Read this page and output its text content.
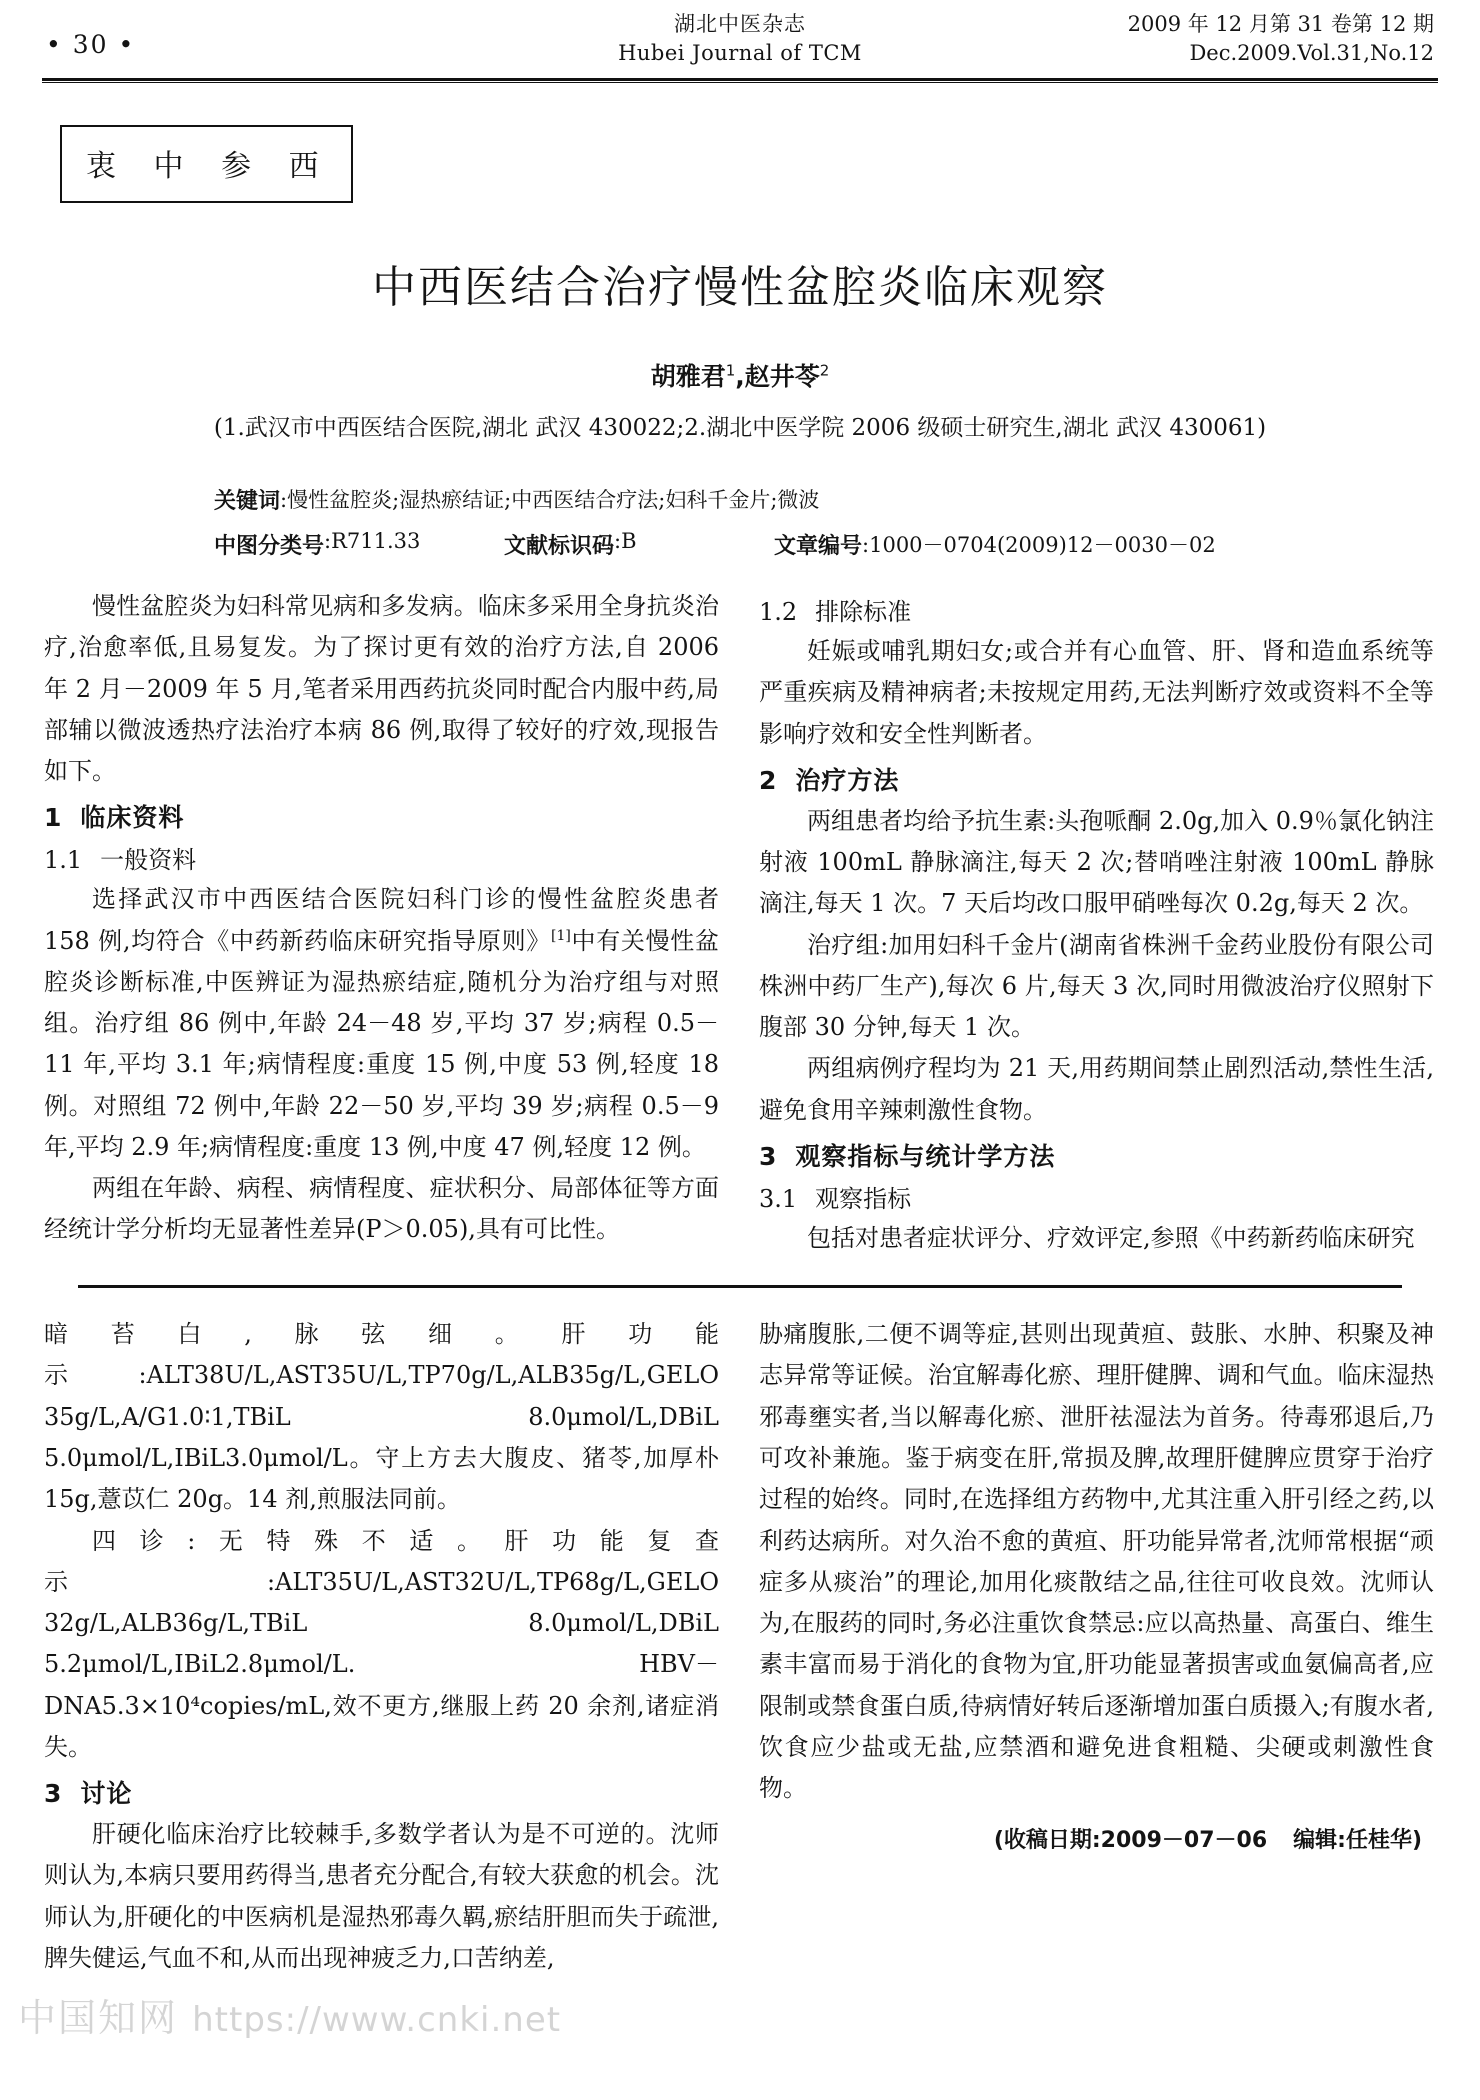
• 30 •
湖北中医杂志
Hubei Journal of TCM
2009 年 12 月第 31 卷第 12 期
Dec.2009.Vol.31,No.12
衷 中 参 西
中西医结合治疗慢性盆腔炎临床观察
胡雅君$^1$,赵井苓$^2$
(1.武汉市中西医结合医院,湖北 武汉 430022;2.湖北中医学院 2006 级硕士研究生,湖北 武汉 430061)
关键词 :慢性盆腔炎;湿热瘀结证;中西医结合疗法;妇科千金片;微波
中图分类号 :R711.33	文献标识码 :B	文章编号 :1000－0704(2009)12－0030－02

慢性盆腔炎为妇科常见病和多发病。临床多采用全身抗炎治疗,治愈率低,且易复发。为了探讨更有效的治疗方法,自 2006 年 2 月－2009 年 5 月,笔者采用西药抗炎同时配合内服中药,局部辅以微波透热疗法治疗本病 86 例,取得了较好的疗效,现报告如下。

1 临床资料
1.1 一般资料

选择武汉市中西医结合医院妇科门诊的慢性盆腔炎患者 158 例,均符合《中药新药临床研究指导原则》[1]中有关慢性盆腔炎诊断标准,中医辨证为湿热瘀结症,随机分为治疗组与对照组。治疗组 86 例中,年龄 24－48 岁,平均 37 岁;病程 0.5－11 年,平均 3.1 年;病情程度:重度 15 例,中度 53 例,轻度 18 例。对照组 72 例中,年龄 22－50 岁,平均 39 岁;病程 0.5－9 年,平均 2.9 年;病情程度:重度 13 例,中度 47 例,轻度 12 例。

两组在年龄、病程、病情程度、症状积分、局部体征等方面经统计学分析均无显著性差异(P＞0.05),具有可比性。

1.2 排除标准

妊娠或哺乳期妇女;或合并有心血管、肝、肾和造血系统等严重疾病及精神病者;未按规定用药,无法判断疗效或资料不全等影响疗效和安全性判断者。

2 治疗方法

两组患者均给予抗生素:头孢哌酮 2.0g,加入 0.9％氯化钠注射液 100mL 静脉滴注,每天 2 次;替哨唑注射液 100mL 静脉滴注,每天 1 次。7 天后均改口服甲硝唑每次 0.2g,每天 2 次。

治疗组:加用妇科千金片(湖南省株洲千金药业股份有限公司株洲中药厂生产),每次 6 片,每天 3 次,同时用微波治疗仪照射下腹部 30 分钟,每天 1 次。

两组病例疗程均为 21 天,用药期间禁止剧烈活动,禁性生活,避免食用辛辣刺激性食物。

3 观察指标与统计学方法
3.1 观察指标

包括对患者症状评分、疗效评定,参照《中药新药临床研究

暗苔白,脉弦细。肝功能示:ALT38U/L,AST35U/L,TP70g/L,ALB35g/L,GELO 35g/L,A/G1.0∶1,TBiL 8.0μmol/L,DBiL 5.0μmol/L,IBiL3.0μmol/L。守上方去大腹皮、猪苓,加厚朴 15g,薏苡仁 20g。14 剂,煎服法同前。

四诊:无特殊不适。肝功能复查示:ALT35U/L,AST32U/L,TP68g/L,GELO 32g/L,ALB36g/L,TBiL 8.0μmol/L,DBiL 5.2μmol/L,IBiL2.8μmol/L. HBV－DNA5.3×10⁴copies/mL,效不更方,继服上药 20 余剂,诸症消失。

3 讨论

肝硬化临床治疗比较棘手,多数学者认为是不可逆的。沈师则认为,本病只要用药得当,患者充分配合,有较大获愈的机会。沈师认为,肝硬化的中医病机是湿热邪毒久羁,瘀结肝胆而失于疏泄,脾失健运,气血不和,从而出现神疲乏力,口苦纳差,

胁痛腹胀,二便不调等症,甚则出现黄疸、鼓胀、水肿、积聚及神志异常等证候。治宜解毒化瘀、理肝健脾、调和气血。临床湿热邪毒壅实者,当以解毒化瘀、泄肝祛湿法为首务。待毒邪退后,乃可攻补兼施。鉴于病变在肝,常损及脾,故理肝健脾应贯穿于治疗过程的始终。同时,在选择组方药物中,尤其注重入肝引经之药,以利药达病所。对久治不愈的黄疸、肝功能异常者,沈师常根据“顽症多从痰治”的理论,加用化痰散结之品,往往可收良效。沈师认为,在服药的同时,务必注重饮食禁忌:应以高热量、高蛋白、维生素丰富而易于消化的食物为宜,肝功能显著损害或血氨偏高者,应限制或禁食蛋白质,待病情好转后逐渐增加蛋白质摄入;有腹水者,饮食应少盐或无盐,应禁酒和避免进食粗糙、尖硬或刺激性食物。

(收稿日期:2009－07－06 编辑:任桂华)
中国知网 https://www.cnki.net
